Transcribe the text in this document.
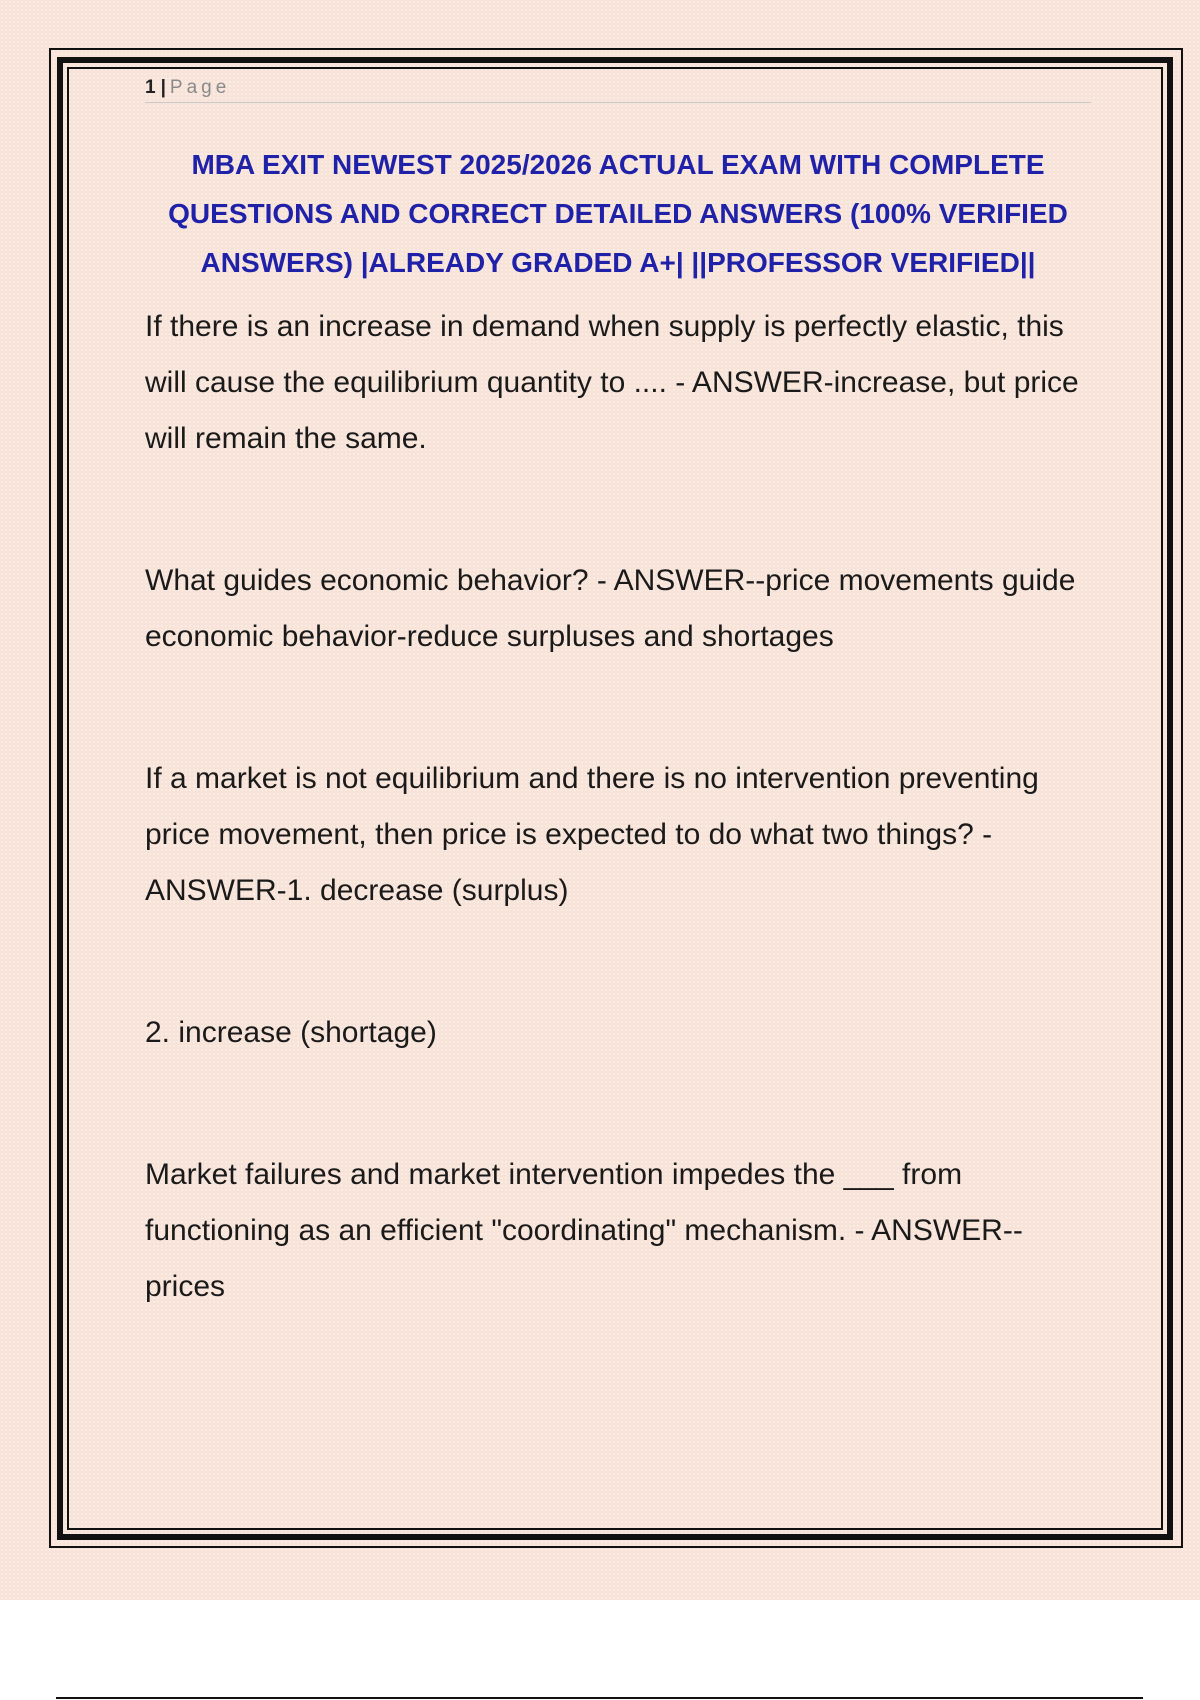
1 | Page
MBA EXIT NEWEST 2025/2026 ACTUAL EXAM WITH COMPLETE QUESTIONS AND CORRECT DETAILED ANSWERS (100% VERIFIED ANSWERS) |ALREADY GRADED A+| ||PROFESSOR VERIFIED||

If there is an increase in demand when supply is perfectly elastic, this will cause the equilibrium quantity to .... - ANSWER-increase, but price will remain the same.

What guides economic behavior? - ANSWER--price movements guide economic behavior-reduce surpluses and shortages

If a market is not equilibrium and there is no intervention preventing price movement, then price is expected to do what two things? - ANSWER-1. decrease (surplus)

2. increase (shortage)

Market failures and market intervention impedes the ___ from functioning as an efficient "coordinating" mechanism. - ANSWER-- prices
